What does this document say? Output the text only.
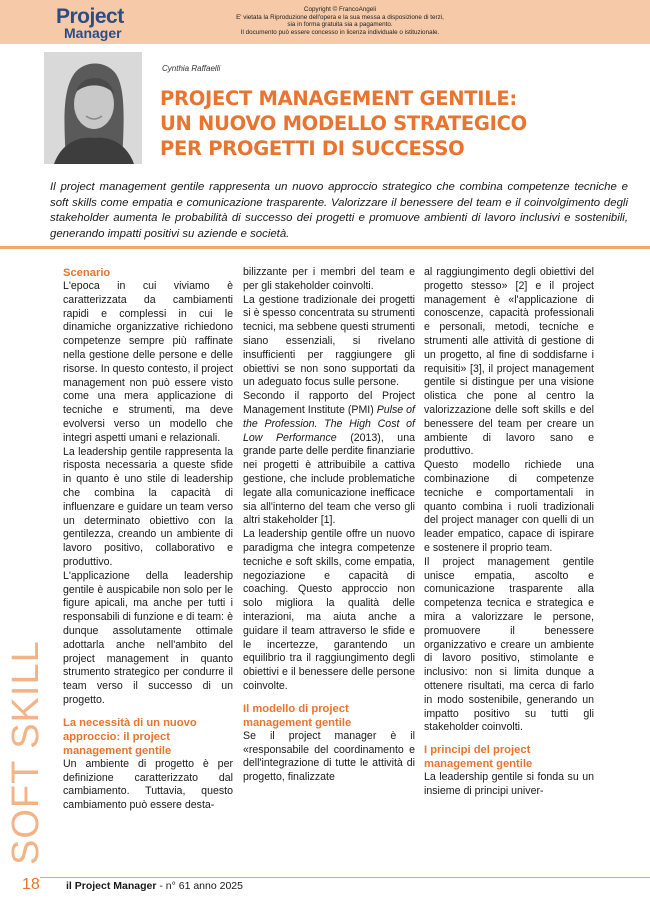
Project
Manager
Copyright © FrancoAngeli
E' vietata la Riproduzione dell'opera e la sua messa a disposizione di terzi,
sia in forma gratuita sia a pagamento.
Il documento può essere concesso in licenza individuale o istituzionale.
Cynthia Raffaelli
PROJECT MANAGEMENT GENTILE:
UN NUOVO MODELLO STRATEGICO
PER PROGETTI DI SUCCESSO
Il project management gentile rappresenta un nuovo approccio strategico che combina competenze tecniche e soft skills come empatia e comunicazione trasparente. Valorizzare il benessere del team e il coinvolgimento degli stakeholder aumenta le probabilità di successo dei progetti e promuove ambienti di lavoro inclusivi e sostenibili, generando impatti positivi su aziende e società.
Scenario

L'epoca in cui viviamo è caratterizzata da cambiamenti rapidi e complessi in cui le dinamiche organizzative richiedono competenze sempre più raffinate nella gestione delle persone e delle risorse. In questo contesto, il project management non può essere visto come una mera applicazione di tecniche e strumenti, ma deve evolversi verso un modello che integri aspetti umani e relazionali.

La leadership gentile rappresenta la risposta necessaria a queste sfide in quanto è uno stile di leadership che combina la capacità di influenzare e guidare un team verso un determinato obiettivo con la gentilezza, creando un ambiente di lavoro positivo, collaborativo e produttivo.

L'applicazione della leadership gentile è auspicabile non solo per le figure apicali, ma anche per tutti i responsabili di funzione e di team: è dunque assolutamente ottimale adottarla anche nell'ambito del project management in quanto strumento strategico per condurre il team verso il successo di un progetto.

La necessità di un nuovo approccio: il project management gentile

Un ambiente di progetto è per definizione caratterizzato dal cambiamento. Tuttavia, questo cambiamento può essere desta-

bilizzante per i membri del team e per gli stakeholder coinvolti.

La gestione tradizionale dei progetti si è spesso concentrata su strumenti tecnici, ma sebbene questi strumenti siano essenziali, si rivelano insufficienti per raggiungere gli obiettivi se non sono supportati da un adeguato focus sulle persone.

Secondo il rapporto del Project Management Institute (PMI) Pulse of the Profession. The High Cost of Low Performance (2013), una grande parte delle perdite finanziarie nei progetti è attribuibile a cattiva gestione, che include problematiche legate alla comunicazione inefficace sia all'interno del team che verso gli altri stakeholder [1].

La leadership gentile offre un nuovo paradigma che integra competenze tecniche e soft skills, come empatia, negoziazione e capacità di coaching. Questo approccio non solo migliora la qualità delle interazioni, ma aiuta anche a guidare il team attraverso le sfide e le incertezze, garantendo un equilibrio tra il raggiungimento degli obiettivi e il benessere delle persone coinvolte.

Il modello di project management gentile

Se il project manager è il «responsabile del coordinamento e dell'integrazione di tutte le attività di progetto, finalizzate

al raggiungimento degli obiettivi del progetto stesso» [2] e il project management è «l'applicazione di conoscenze, capacità professionali e personali, metodi, tecniche e strumenti alle attività di gestione di un progetto, al fine di soddisfarne i requisiti» [3], il project management gentile si distingue per una visione olistica che pone al centro la valorizzazione delle soft skills e del benessere del team per creare un ambiente di lavoro sano e produttivo.

Questo modello richiede una combinazione di competenze tecniche e comportamentali in quanto combina i ruoli tradizionali del project manager con quelli di un leader empatico, capace di ispirare e sostenere il proprio team.

Il project management gentile unisce empatia, ascolto e comunicazione trasparente alla competenza tecnica e strategica e mira a valorizzare le persone, promuovere il benessere organizzativo e creare un ambiente di lavoro positivo, stimolante e inclusivo: non si limita dunque a ottenere risultati, ma cerca di farlo in modo sostenibile, generando un impatto positivo su tutti gli stakeholder coinvolti.

I principi del project management gentile

La leadership gentile si fonda su un insieme di principi univer-

SOFT SKILL
18 il Project Manager - n° 61 anno 2025
